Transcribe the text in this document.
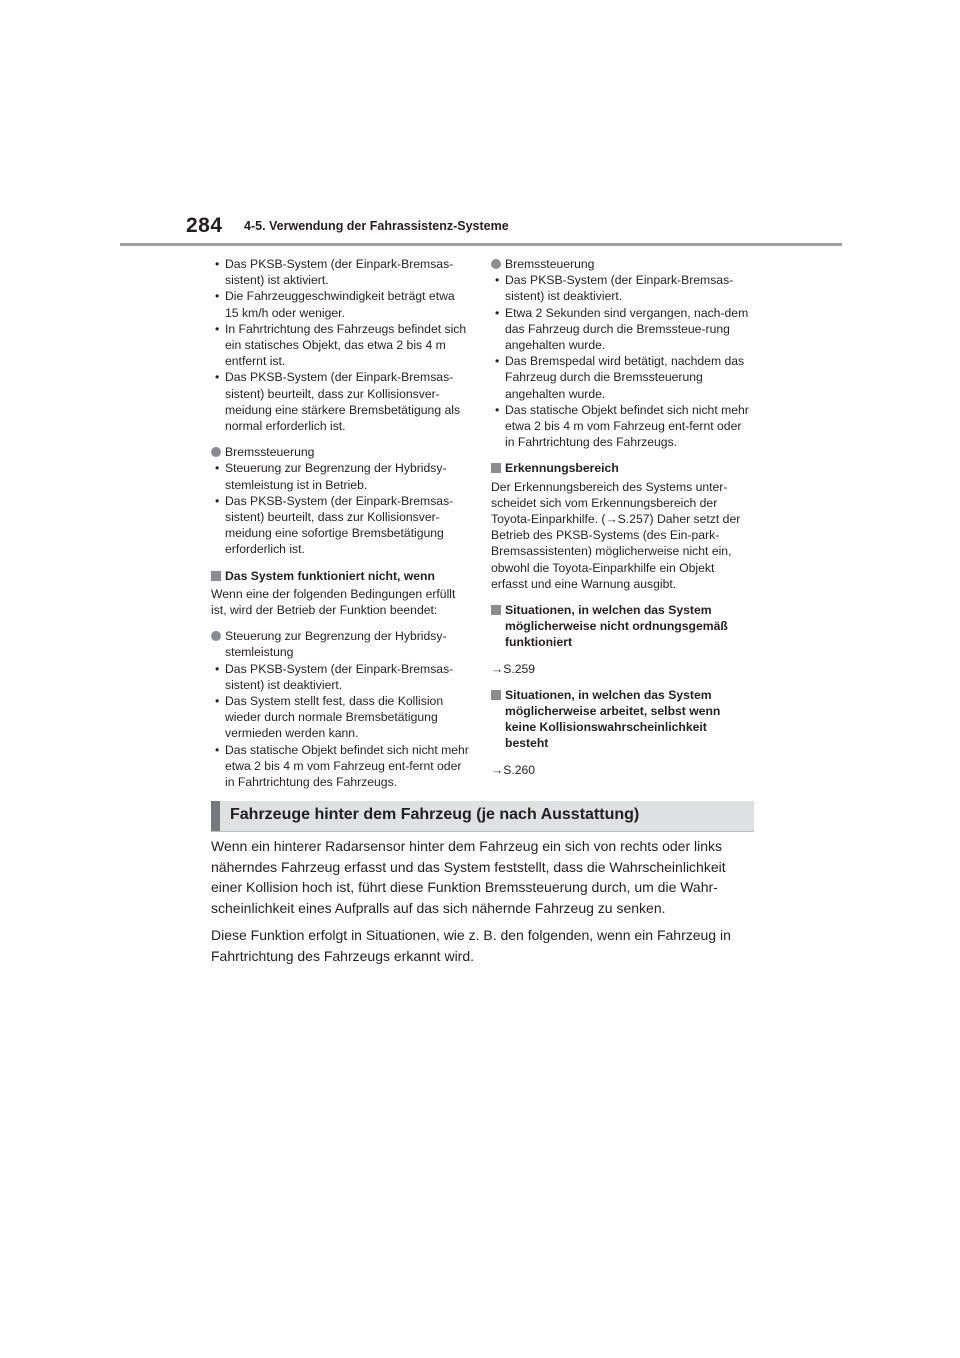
284 4-5. Verwendung der Fahrassistenz-Systeme
• Das PKSB-System (der Einpark-Bremsas-sistent) ist aktiviert.
• Die Fahrzeuggeschwindigkeit beträgt etwa 15 km/h oder weniger.
• In Fahrtrichtung des Fahrzeugs befindet sich ein statisches Objekt, das etwa 2 bis 4 m entfernt ist.
• Das PKSB-System (der Einpark-Bremsas-sistent) beurteilt, dass zur Kollisionsver-meidung eine stärkere Bremsbetätigung als normal erforderlich ist.
Bremssteuerung
• Steuerung zur Begrenzung der Hybridsy-stemleistung ist in Betrieb.
• Das PKSB-System (der Einpark-Bremsas-sistent) beurteilt, dass zur Kollisionsver-meidung eine sofortige Bremsbetätigung erforderlich ist.
Das System funktioniert nicht, wenn
Wenn eine der folgenden Bedingungen erfüllt ist, wird der Betrieb der Funktion beendet:
Steuerung zur Begrenzung der Hybridsy-stemleistung
• Das PKSB-System (der Einpark-Bremsas-sistent) ist deaktiviert.
• Das System stellt fest, dass die Kollision wieder durch normale Bremsbetätigung vermieden werden kann.
• Das statische Objekt befindet sich nicht mehr etwa 2 bis 4 m vom Fahrzeug ent-fernt oder in Fahrtrichtung des Fahrzeugs.
Bremssteuerung
• Das PKSB-System (der Einpark-Bremsas-sistent) ist deaktiviert.
• Etwa 2 Sekunden sind vergangen, nach-dem das Fahrzeug durch die Bremssteue-rung angehalten wurde.
• Das Bremspedal wird betätigt, nachdem das Fahrzeug durch die Bremssteuerung angehalten wurde.
• Das statische Objekt befindet sich nicht mehr etwa 2 bis 4 m vom Fahrzeug ent-fernt oder in Fahrtrichtung des Fahrzeugs.
Erkennungsbereich
Der Erkennungsbereich des Systems unter-scheidet sich vom Erkennungsbereich der Toyota-Einparkhilfe. (→S.257) Daher setzt der Betrieb des PKSB-Systems (des Ein-park-Bremsassistenten) möglicherweise nicht ein, obwohl die Toyota-Einparkhilfe ein Objekt erfasst und eine Warnung ausgibt.
Situationen, in welchen das System möglicherweise nicht ordnungsgemäß funktioniert
→S.259
Situationen, in welchen das System möglicherweise arbeitet, selbst wenn keine Kollisionswahrscheinlichkeit besteht
→S.260
Fahrzeuge hinter dem Fahrzeug (je nach Ausstattung)

Wenn ein hinterer Radarsensor hinter dem Fahrzeug ein sich von rechts oder links näherndes Fahrzeug erfasst und das System feststellt, dass die Wahrscheinlichkeit einer Kollision hoch ist, führt diese Funktion Bremssteuerung durch, um die Wahr-scheinlichkeit eines Aufpralls auf das sich nähernde Fahrzeug zu senken.

Diese Funktion erfolgt in Situationen, wie z. B. den folgenden, wenn ein Fahrzeug in Fahrtrichtung des Fahrzeugs erkannt wird.
